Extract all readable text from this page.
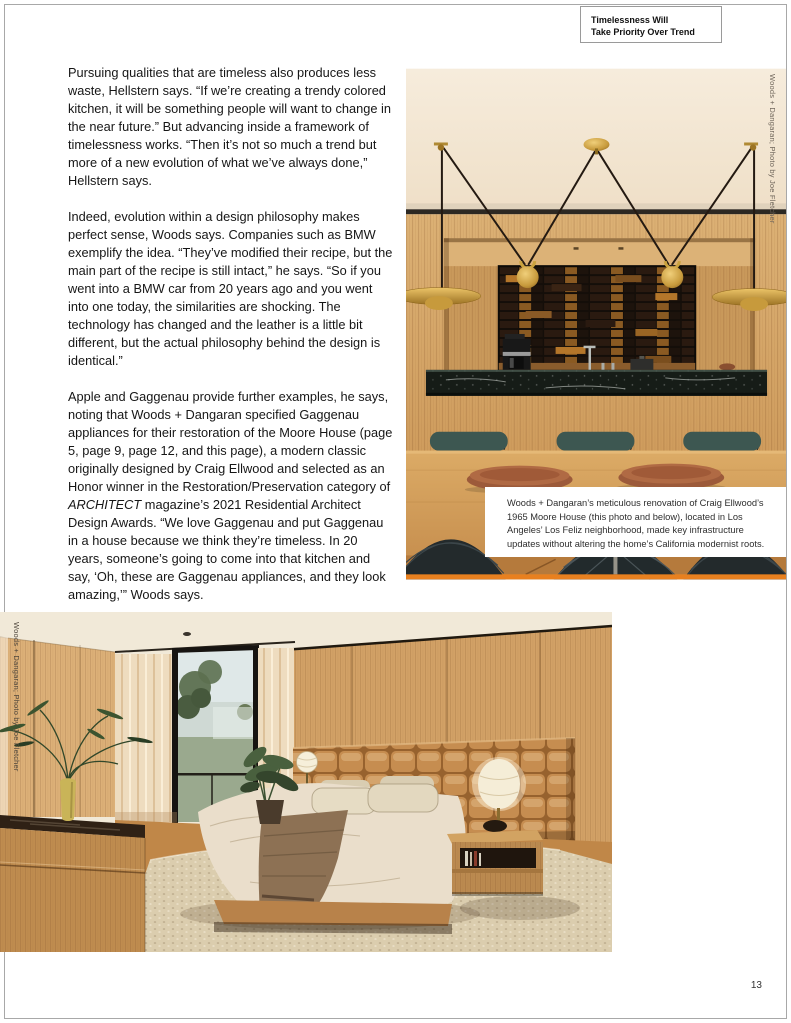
Timelessness Will
Take Priority Over Trend

Pursuing qualities that are timeless also produces less waste, Hellstern says. “If we’re creating a trendy colored kitchen, it will be something people will want to change in the near future.” But advancing inside a framework of timelessness works. “Then it’s not so much a trend but more of a new evolution of what we’ve always done,” Hellstern says.

Indeed, evolution within a design philosophy makes perfect sense, Woods says. Companies such as BMW exemplify the idea. “They’ve modified their recipe, but the main part of the recipe is still intact,” he says. “So if you went into a BMW car from 20 years ago and you went into one today, the similarities are shocking. The technology has changed and the leather is a little bit different, but the actual philosophy behind the design is identical.”

Apple and Gaggenau provide further examples, he says, noting that Woods + Dangaran specified Gaggenau appliances for their restoration of the Moore House (page 5, page 9, page 12, and this page), a modern classic originally designed by Craig Ellwood and selected as an Honor winner in the Restoration/Preservation category of ARCHITECT magazine’s 2021 Residential Architect Design Awards. “We love Gaggenau and put Gaggenau in a house because we think they’re timeless. In 20 years, someone’s going to come into that kitchen and say, ‘Oh, these are Gaggenau appliances, and they look amazing,’” Woods says.

Woods + Dangaran; Photo by Joe Fletcher
Woods + Dangaran’s meticulous renovation of Craig Ellwood’s 1965 Moore House (this photo and below), located in Los Angeles’ Los Feliz neighborhood, made key infrastructure updates without altering the home’s California modernist roots.
Woods + Dangaran; Photo by Joe Fletcher
13
